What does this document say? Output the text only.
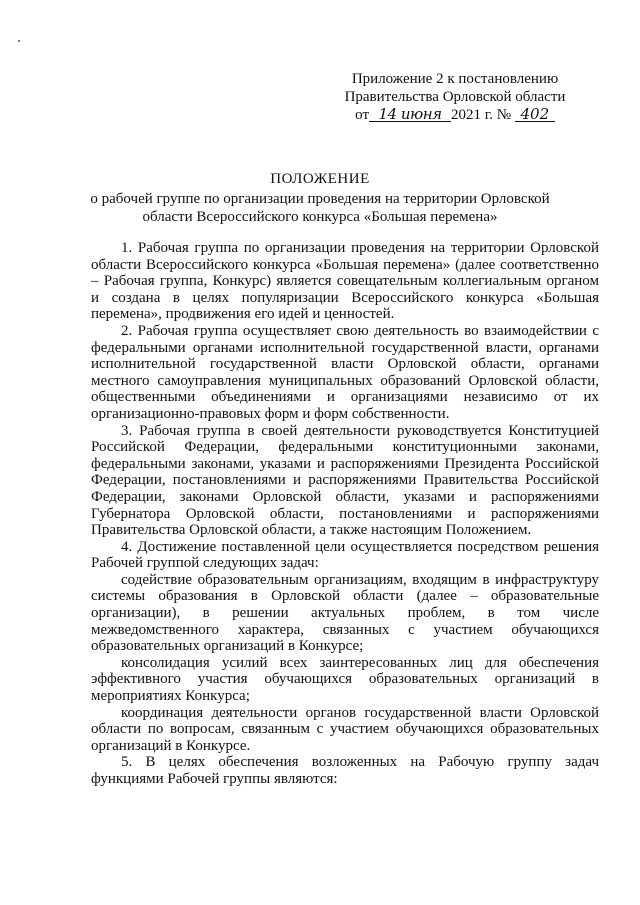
Приложение 2 к постановлению
Правительства Орловской области
от 14 июня 2021 г. № 402
ПОЛОЖЕНИЕ
о рабочей группе по организации проведения на территории Орловской области Всероссийского конкурса «Большая перемена»

1. Рабочая группа по организации проведения на территории Орловской области Всероссийского конкурса «Большая перемена» (далее соответственно – Рабочая группа, Конкурс) является совещательным коллегиальным органом и создана в целях популяризации Всероссийского конкурса «Большая перемена», продвижения его идей и ценностей.

2. Рабочая группа осуществляет свою деятельность во взаимодействии с федеральными органами исполнительной государственной власти, органами исполнительной государственной власти Орловской области, органами местного самоуправления муниципальных образований Орловской области, общественными объединениями и организациями независимо от их организационно-правовых форм и форм собственности.

3. Рабочая группа в своей деятельности руководствуется Конституцией Российской Федерации, федеральными конституционными законами, федеральными законами, указами и распоряжениями Президента Российской Федерации, постановлениями и распоряжениями Правительства Российской Федерации, законами Орловской области, указами и распоряжениями Губернатора Орловской области, постановлениями и распоряжениями Правительства Орловской области, а также настоящим Положением.

4. Достижение поставленной цели осуществляется посредством решения Рабочей группой следующих задач:

содействие образовательным организациям, входящим в инфраструктуру системы образования в Орловской области (далее – образовательные организации), в решении актуальных проблем, в том числе межведомственного характера, связанных с участием обучающихся образовательных организаций в Конкурсе;

консолидация усилий всех заинтересованных лиц для обеспечения эффективного участия обучающихся образовательных организаций в мероприятиях Конкурса;

координация деятельности органов государственной власти Орловской области по вопросам, связанным с участием обучающихся образовательных организаций в Конкурсе.

5. В целях обеспечения возложенных на Рабочую группу задач функциями Рабочей группы являются:
